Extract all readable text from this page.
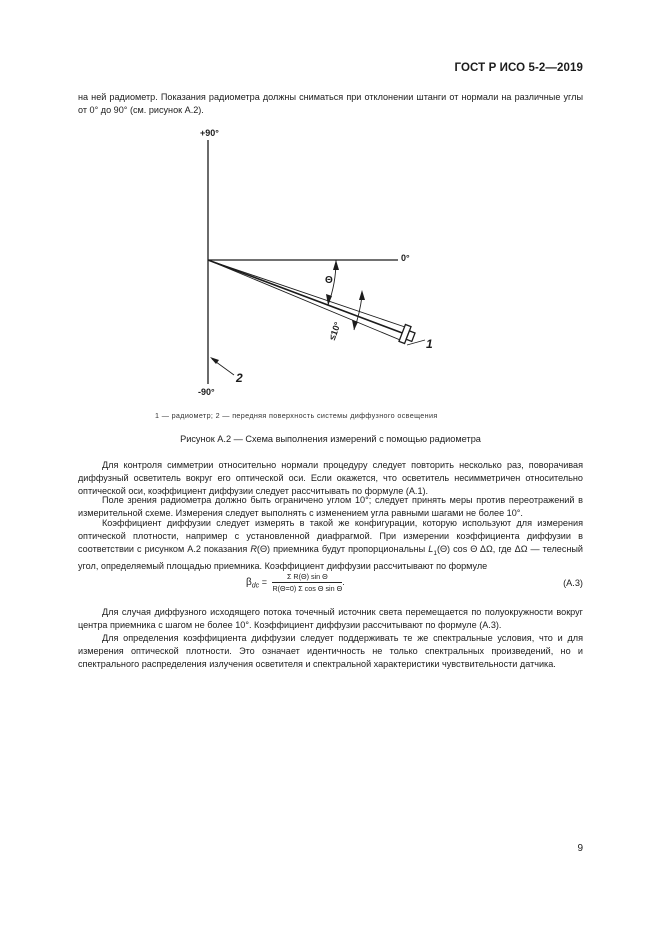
ГОСТ Р ИСО 5-2—2019
на ней радиометр. Показания радиометра должны сниматься при отклонении штанги от нормали на различные углы от 0° до 90° (см. рисунок А.2).
+90°
0°
-90°
Θ
≤10°
1
2
1 — радиометр; 2 — передняя поверхность системы диффузного освещения
Рисунок А.2 — Схема выполнения измерений с помощью радиометра
Для контроля симметрии относительно нормали процедуру следует повторить несколько раз, поворачивая диффузный осветитель вокруг его оптической оси. Если окажется, что осветитель несимметричен относительно оптической оси, коэффициент диффузии следует рассчитывать по формуле (А.1).
Поле зрения радиометра должно быть ограничено углом 10°; следует принять меры против переотражений в измерительной схеме. Измерения следует выполнять с изменением угла равными шагами не более 10°.
Коэффициент диффузии следует измерять в такой же конфигурации, которую используют для измерения оптической плотности, например с установленной диафрагмой. При измерении коэффициента диффузии в соответствии с рисунком А.2 показания R(Θ) приемника будут пропорциональны $L_1(\Theta)$ cos Θ ΔΩ, где ΔΩ — телесный угол, определяемый площадью приемника. Коэффициент диффузии рассчитывают по формуле
$\beta_{dc} = \frac{\text{Σ R(Θ) sin Θ}}{\text{R(Θ=0) Σ cos Θ sin Θ}}$ .	(А.3)
Для случая диффузного исходящего потока точечный источник света перемещается по полуокружности вокруг центра приемника с шагом не более 10°. Коэффициент диффузии рассчитывают по формуле (А.3).
Для определения коэффициента диффузии следует поддерживать те же спектральные условия, что и для измерения оптической плотности. Это означает идентичность не только спектральных произведений, но и спектрального распределения излучения осветителя и спектральной характеристики чувствительности датчика.
9
